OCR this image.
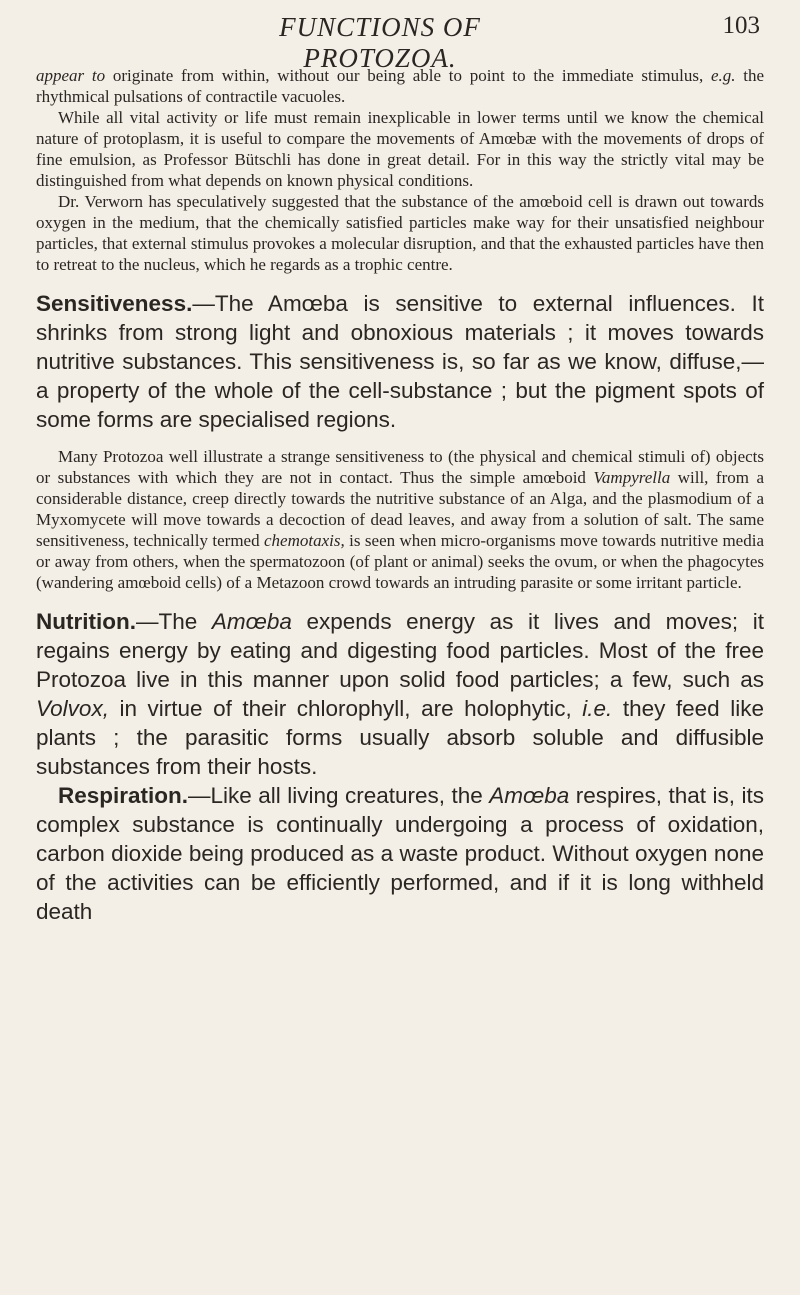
FUNCTIONS OF PROTOZOA.
103

appear to originate from within, without our being able to point to the immediate stimulus, e.g. the rhythmical pulsations of contractile vacuoles.

While all vital activity or life must remain inexplicable in lower terms until we know the chemical nature of protoplasm, it is useful to compare the movements of Amœbæ with the movements of drops of fine emulsion, as Professor Bütschli has done in great detail. For in this way the strictly vital may be distinguished from what depends on known physical conditions.

Dr. Verworn has speculatively suggested that the substance of the amœboid cell is drawn out towards oxygen in the medium, that the chemically satisfied particles make way for their unsatisfied neighbour particles, that external stimulus provokes a molecular disruption, and that the exhausted particles have then to retreat to the nucleus, which he regards as a trophic centre.

Sensitiveness.—The Amœba is sensitive to external influences. It shrinks from strong light and obnoxious materials ; it moves towards nutritive substances. This sensitiveness is, so far as we know, diffuse,—a property of the whole of the cell-substance ; but the pigment spots of some forms are specialised regions.

Many Protozoa well illustrate a strange sensitiveness to (the physical and chemical stimuli of) objects or substances with which they are not in contact. Thus the simple amœboid Vampyrella will, from a considerable distance, creep directly towards the nutritive substance of an Alga, and the plasmodium of a Myxomycete will move towards a decoction of dead leaves, and away from a solution of salt. The same sensitiveness, technically termed chemotaxis, is seen when micro-organisms move towards nutritive media or away from others, when the spermatozoon (of plant or animal) seeks the ovum, or when the phagocytes (wandering amœboid cells) of a Metazoon crowd towards an intruding parasite or some irritant particle.

Nutrition.—The Amœba expends energy as it lives and moves; it regains energy by eating and digesting food particles. Most of the free Protozoa live in this manner upon solid food particles; a few, such as Volvox, in virtue of their chlorophyll, are holophytic, i.e. they feed like plants ; the parasitic forms usually absorb soluble and diffusible substances from their hosts.

Respiration.—Like all living creatures, the Amœba respires, that is, its complex substance is continually undergoing a process of oxidation, carbon dioxide being produced as a waste product. Without oxygen none of the activities can be efficiently performed, and if it is long withheld death
